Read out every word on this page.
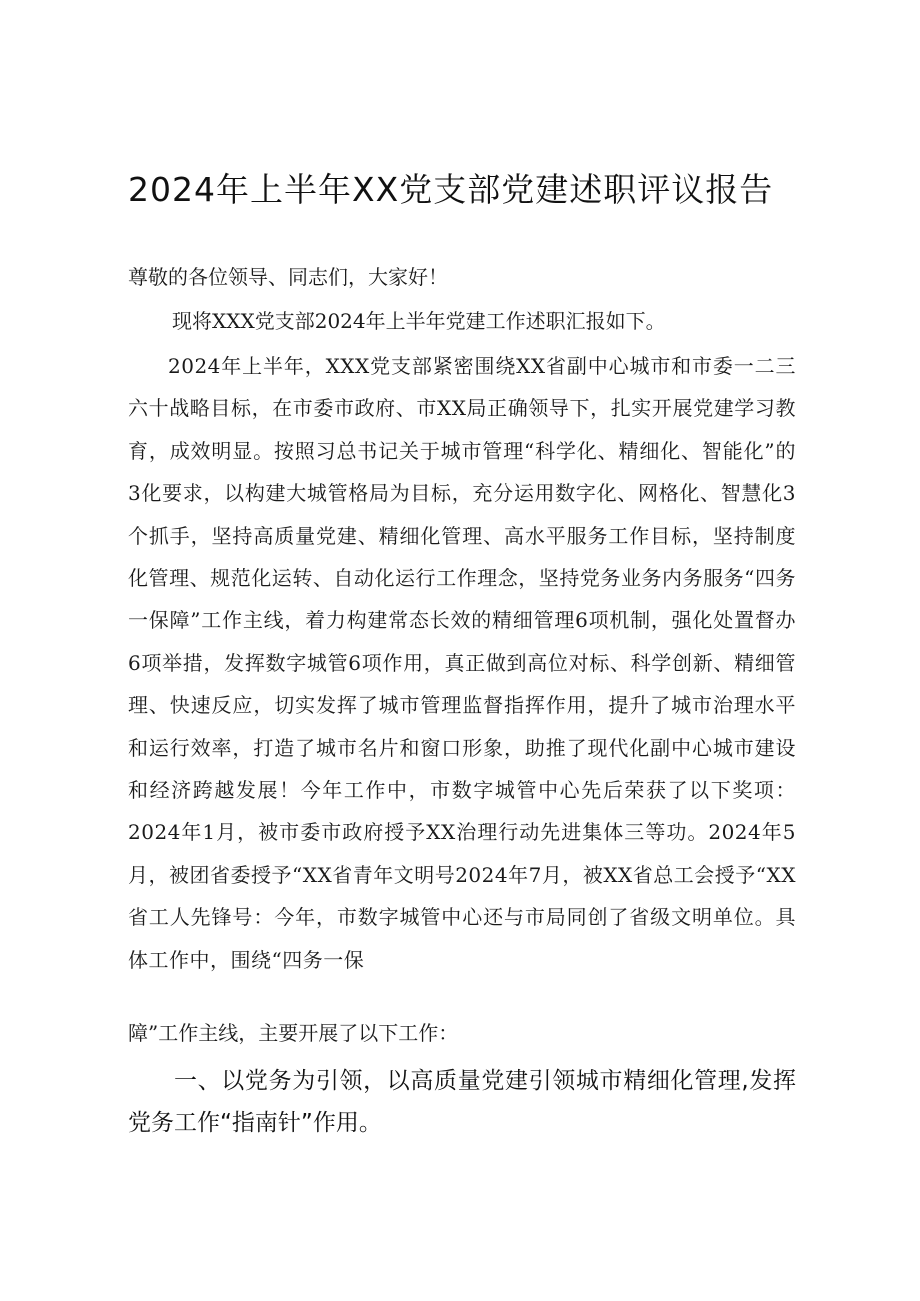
2024年上半年XX党支部党建述职评议报告
尊敬的各位领导、同志们，大家好！
现将XXX党支部2024年上半年党建工作述职汇报如下。
2024年上半年，XXX党支部紧密围绕XX省副中心城市和市委一二三六十战略目标，在市委市政府、市XX局正确领导下，扎实开展党建学习教育，成效明显。按照习总书记关于城市管理“科学化、精细化、智能化”的3化要求，以构建大城管格局为目标，充分运用数字化、网格化、智慧化3个抓手，坚持高质量党建、精细化管理、高水平服务工作目标，坚持制度化管理、规范化运转、自动化运行工作理念，坚持党务业务内务服务“四务一保障”工作主线，着力构建常态长效的精细管理6项机制，强化处置督办6项举措，发挥数字城管6项作用，真正做到高位对标、科学创新、精细管理、快速反应，切实发挥了城市管理监督指挥作用，提升了城市治理水平和运行效率，打造了城市名片和窗口形象，助推了现代化副中心城市建设和经济跨越发展！今年工作中，市数字城管中心先后荣获了以下奖项：2024年1月，被市委市政府授予XX治理行动先进集体三等功。2024年5月，被团省委授予“XX省青年文明号2024年7月，被XX省总工会授予“XX省工人先锋号：今年，市数字城管中心还与市局同创了省级文明单位。具体工作中，围绕“四务一保
障”工作主线，主要开展了以下工作：
一、以党务为引领，以高质量党建引领城市精细化管理,发挥党务工作“指南针”作用。
